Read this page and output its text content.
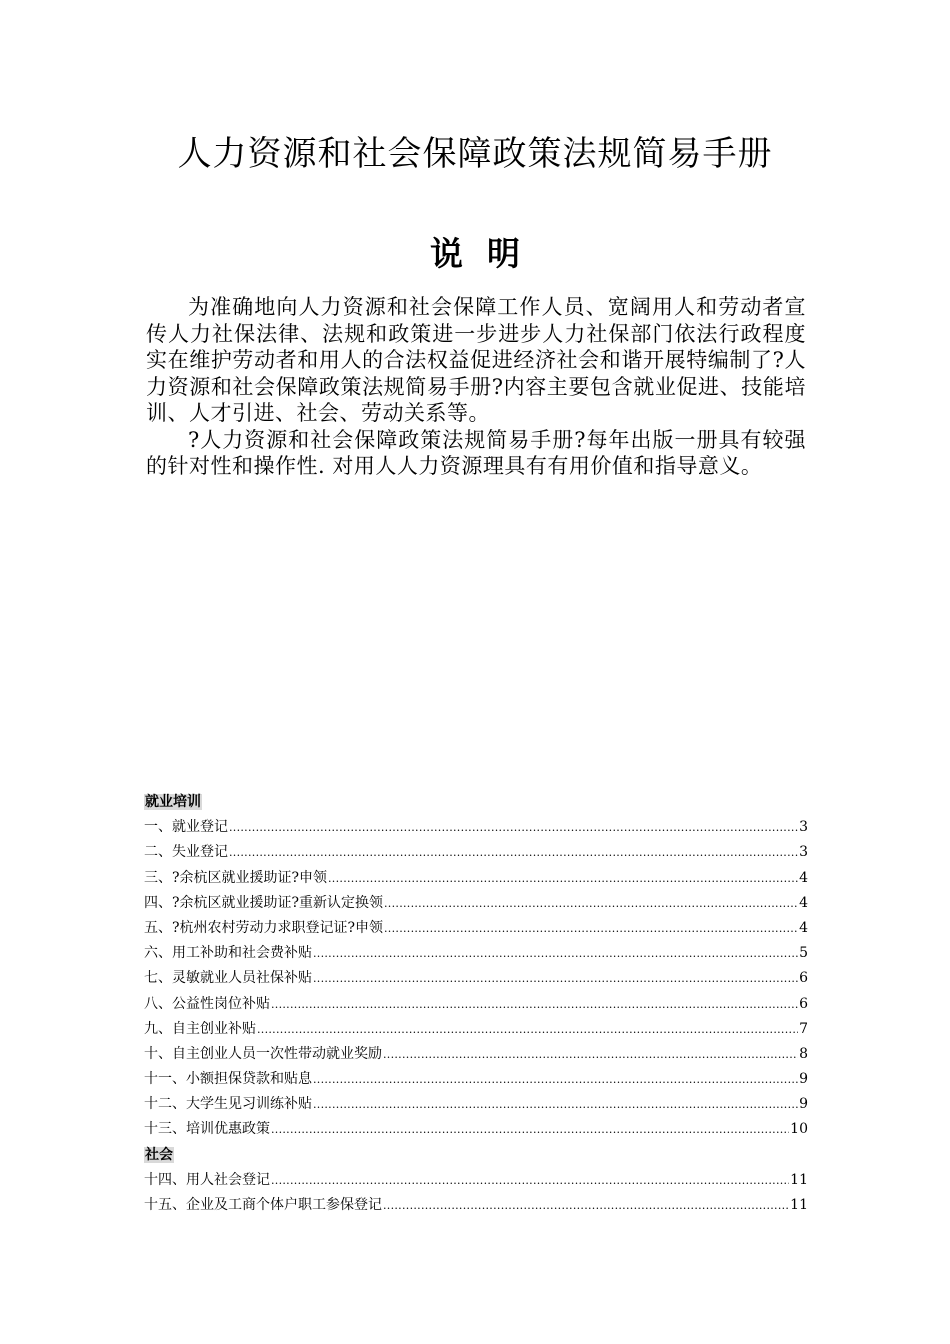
人力资源和社会保障政策法规简易手册
说明

为准确地向人力资源和社会保障工作人员、宽阔用人和劳动者宣传人力社保法律、法规和政策进一步进步人力社保部门依法行政程度实在维护劳动者和用人的合法权益促进经济社会和谐开展特编制了?人力资源和社会保障政策法规简易手册?内容主要包含就业促进、技能培训、人才引进、社会、劳动关系等。

?人力资源和社会保障政策法规简易手册?每年出版一册具有较强的针对性和操作性. 对用人人力资源理具有有用价值和指导意义。

就业培训
一、就业登记 .....	3
二、失业登记 .....	3
三、?余杭区就业援助证?申领 .....	4
四、?余杭区就业援助证?重新认定换领 .....	4
五、?杭州农村劳动力求职登记证?申领 .....	4
六、用工补助和社会费补贴 .....	5
七、灵敏就业人员社保补贴 .....	6
八、公益性岗位补贴 .....	6
九、自主创业补贴 .....	7
十、自主创业人员一次性带动就业奖励 .....	8
十一、小额担保贷款和贴息 .....	9
十二、大学生见习训练补贴 .....	9
十三、培训优惠政策 .....	10
社会
十四、用人社会登记 .....	11
十五、企业及工商个体户职工参保登记 .....	11
